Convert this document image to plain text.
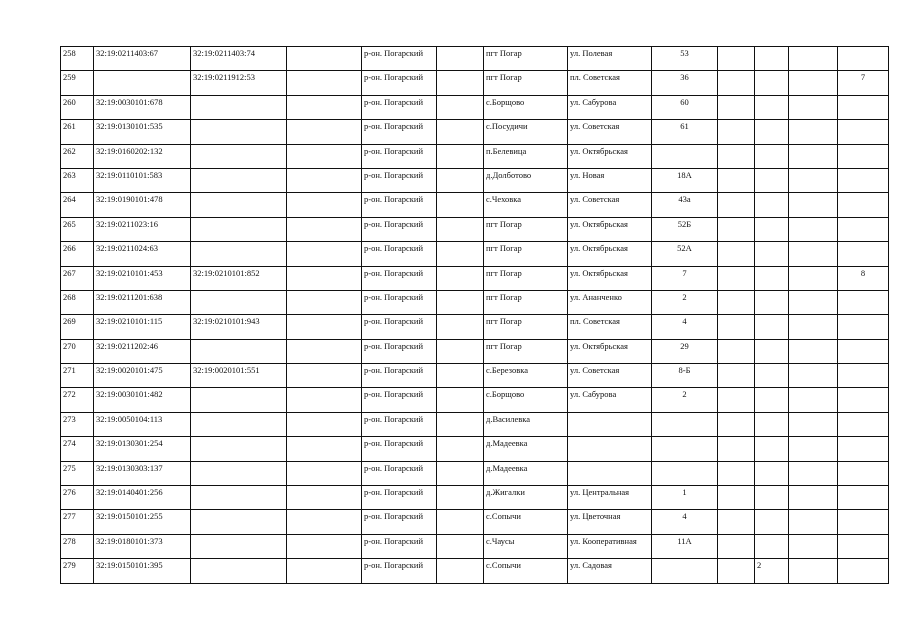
258	32:19:0211403:67	32:19:0211403:74		р-он. Погарский		пгт Погар	ул. Полевая	53				
259		32:19:0211912:53		р-он. Погарский		пгт Погар	пл. Советская	36				7
260	32:19:0030101:678			р-он. Погарский		с.Борщово	ул. Сабурова	60				
261	32:19:0130101:535			р-он. Погарский		с.Посудичи	ул. Советская	61				
262	32:19:0160202:132			р-он. Погарский		п.Белевица	ул. Октябрьская					
263	32:19:0110101:583			р-он. Погарский		д.Долботово	ул. Новая	18А				
264	32:19:0190101:478			р-он. Погарский		с.Чеховка	ул. Советская	43а				
265	32:19:0211023:16			р-он. Погарский		пгт Погар	ул. Октябрьская	52Б				
266	32:19:0211024:63			р-он. Погарский		пгт Погар	ул. Октябрьская	52А				
267	32:19:0210101:453	32:19:0210101:852		р-он. Погарский		пгт Погар	ул. Октябрьская	7				8
268	32:19:0211201:638			р-он. Погарский		пгт Погар	ул. Ананченко	2				
269	32:19:0210101:115	32:19:0210101:943		р-он. Погарский		пгт Погар	пл. Советская	4				
270	32:19:0211202:46			р-он. Погарский		пгт Погар	ул. Октябрьская	29				
271	32:19:0020101:475	32:19:0020101:551		р-он. Погарский		с.Березовка	ул. Советская	8-Б				
272	32:19:0030101:482			р-он. Погарский		с.Борщово	ул. Сабурова	2				
273	32:19:0050104:113			р-он. Погарский		д.Василевка						
274	32:19:0130301:254			р-он. Погарский		д.Мадеевка						
275	32:19:0130303:137			р-он. Погарский		д.Мадеевка						
276	32:19:0140401:256			р-он. Погарский		д.Жигалки	ул. Центральная	1				
277	32:19:0150101:255			р-он. Погарский		с.Сопычи	ул. Цветочная	4				
278	32:19:0180101:373			р-он. Погарский		с.Чаусы	ул. Кооперативная	11А				
279	32:19:0150101:395			р-он. Погарский		с.Сопычи	ул. Садовая			2		
